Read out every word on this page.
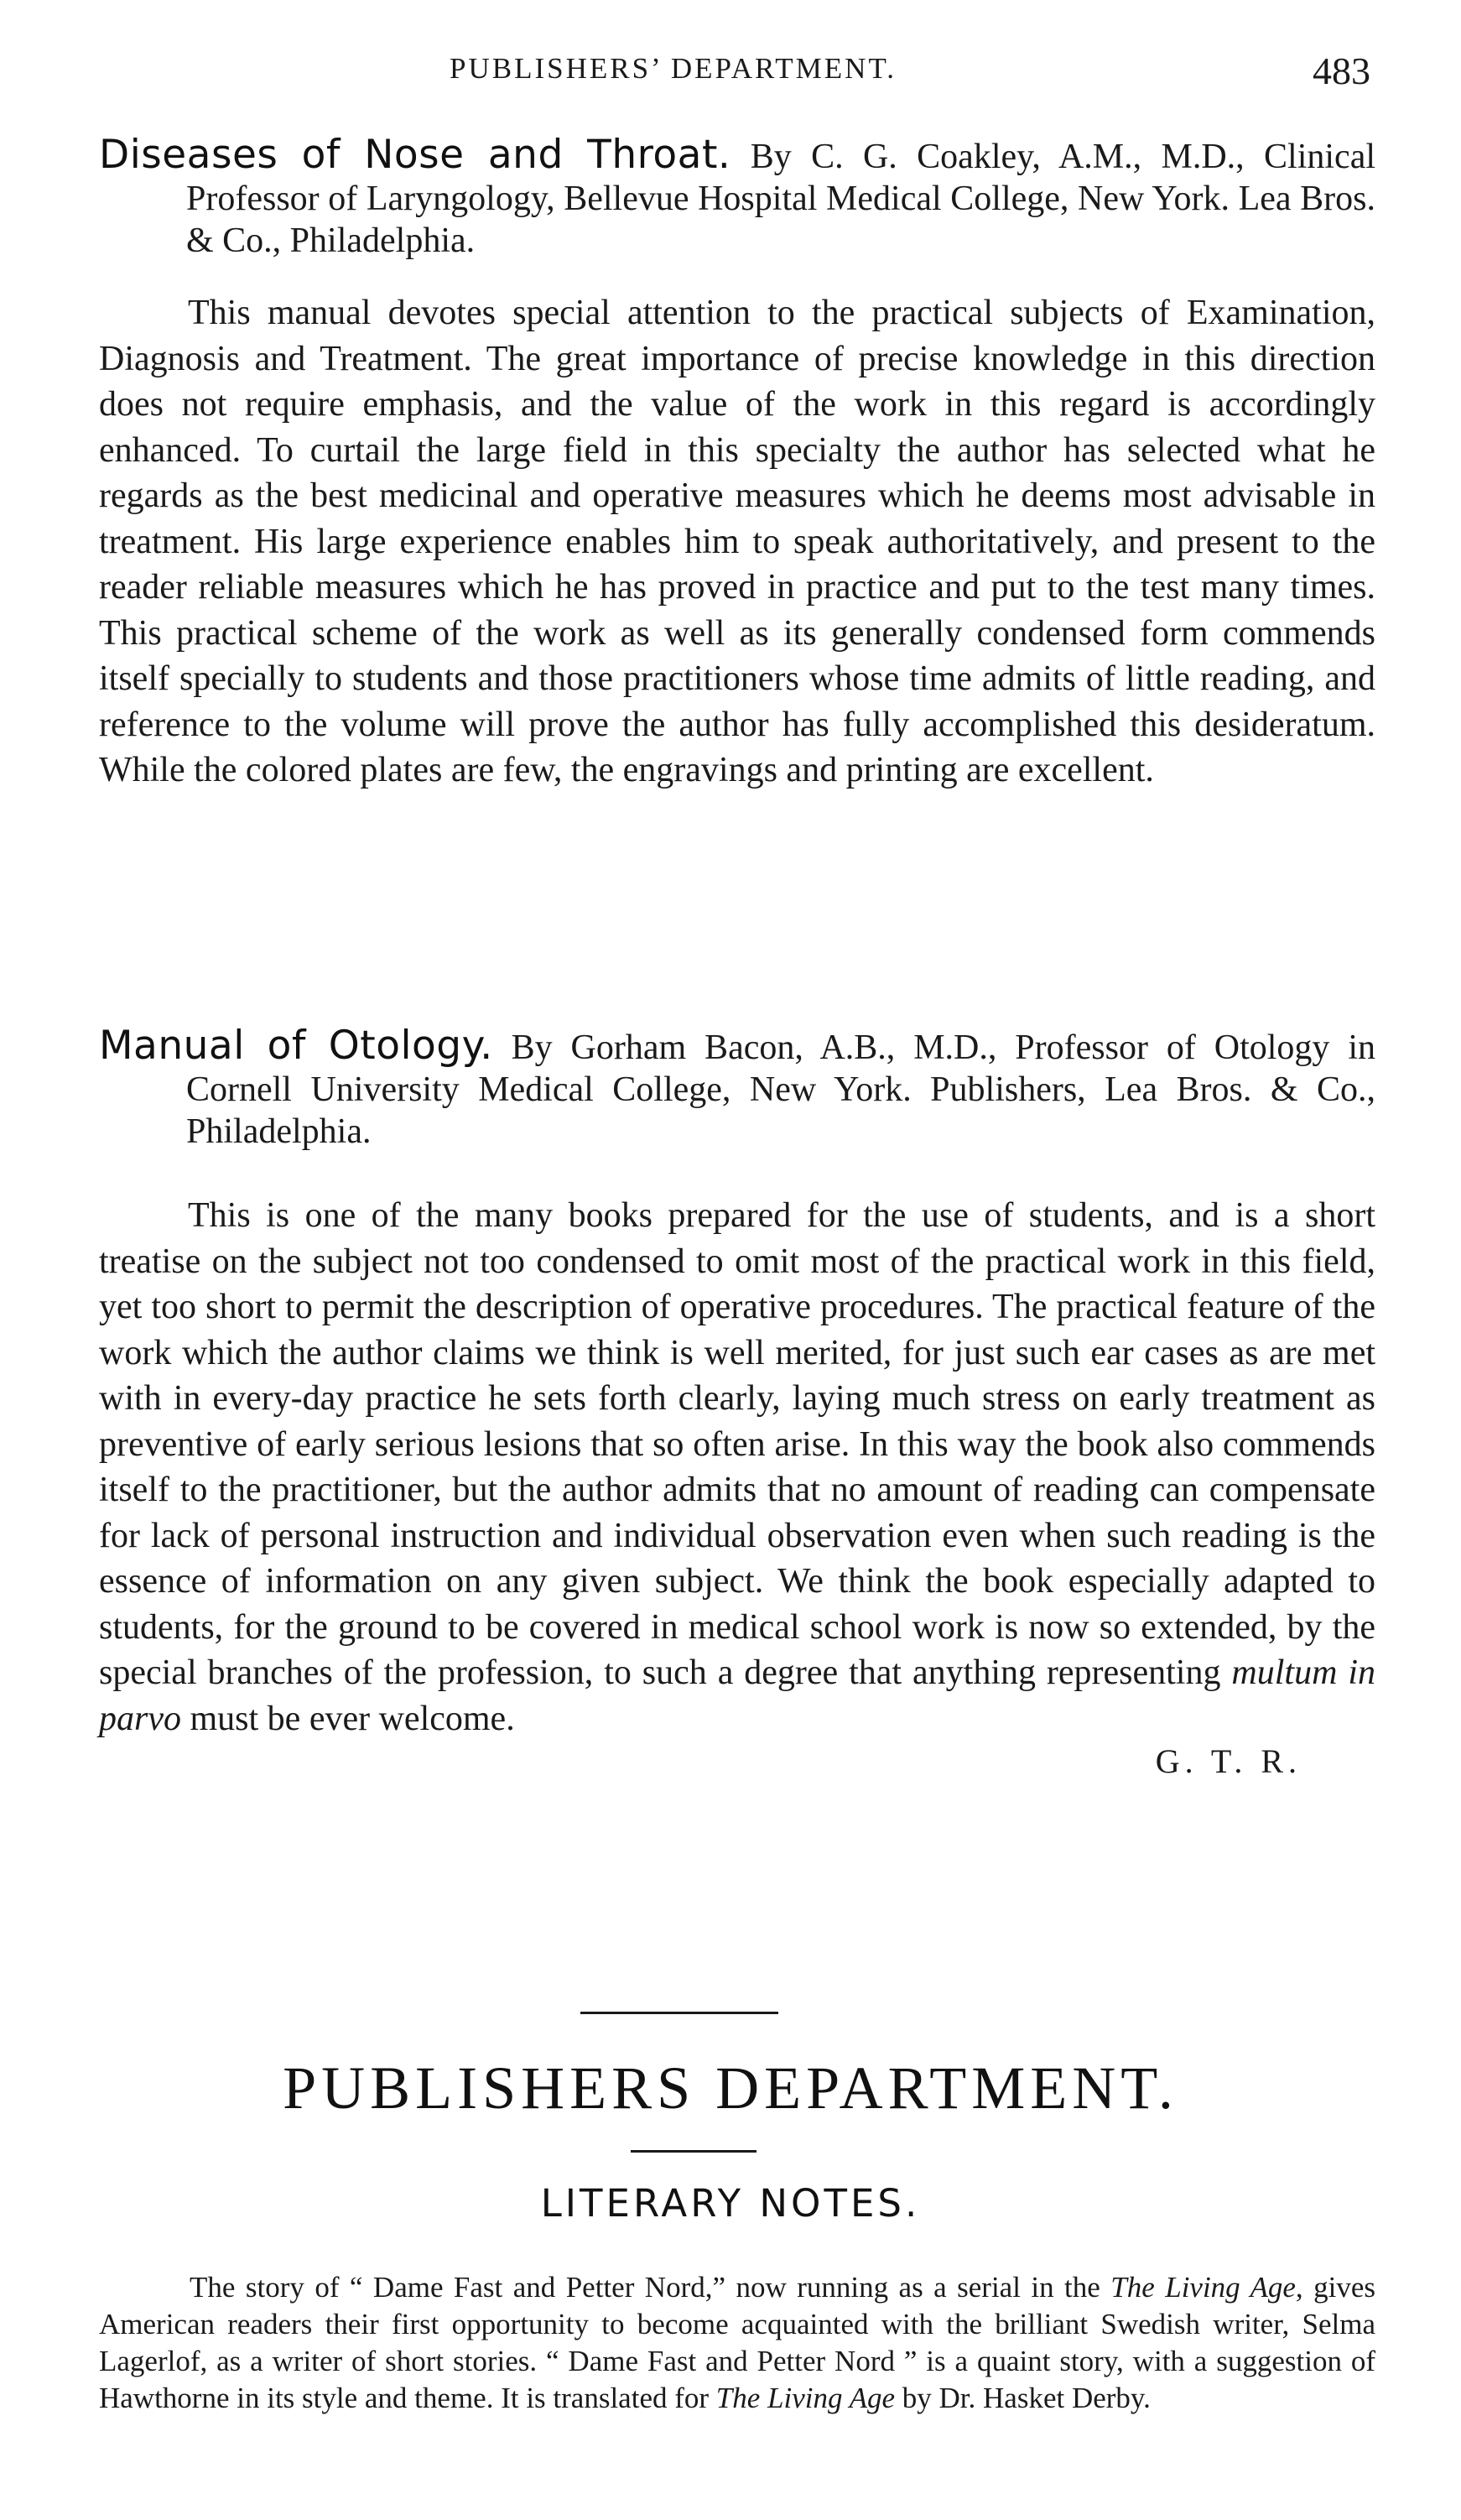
PUBLISHERS’ DEPARTMENT.	483

Diseases of Nose and Throat. By C. G. Coakley, A.M., M.D., Clinical Professor of Laryngology, Bellevue Hospital Medical College, New York. Lea Bros. & Co., Philadelphia.

This manual devotes special attention to the practical subjects of Examination, Diagnosis and Treatment. The great importance of precise knowledge in this direction does not require emphasis, and the value of the work in this regard is accordingly enhanced. To curtail the large field in this specialty the author has selected what he regards as the best medicinal and operative measures which he deems most advisable in treatment. His large experience enables him to speak authoritatively, and present to the reader reliable measures which he has proved in practice and put to the test many times. This practical scheme of the work as well as its generally condensed form commends itself specially to students and those practitioners whose time admits of little reading, and reference to the volume will prove the author has fully accomplished this desideratum. While the colored plates are few, the engravings and printing are excellent.

Manual of Otology. By Gorham Bacon, A.B., M.D., Professor of Otology in Cornell University Medical College, New York. Publishers, Lea Bros. & Co., Philadelphia.

This is one of the many books prepared for the use of students, and is a short treatise on the subject not too condensed to omit most of the practical work in this field, yet too short to permit the description of operative procedures. The practical feature of the work which the author claims we think is well merited, for just such ear cases as are met with in every-day practice he sets forth clearly, laying much stress on early treatment as preventive of early serious lesions that so often arise. In this way the book also commends itself to the practitioner, but the author admits that no amount of reading can compensate for lack of personal instruction and individual observation even when such reading is the essence of information on any given subject. We think the book especially adapted to students, for the ground to be covered in medical school work is now so extended, by the special branches of the profession, to such a degree that anything representing multum in parvo must be ever welcome.

G. T. R.

PUBLISHERS DEPARTMENT.
LITERARY NOTES.

The story of “ Dame Fast and Petter Nord,” now running as a serial in the The Living Age, gives American readers their first opportunity to become acquainted with the brilliant Swedish writer, Selma Lagerlof, as a writer of short stories. “ Dame Fast and Petter Nord ” is a quaint story, with a suggestion of Hawthorne in its style and theme. It is translated for The Living Age by Dr. Hasket Derby.
